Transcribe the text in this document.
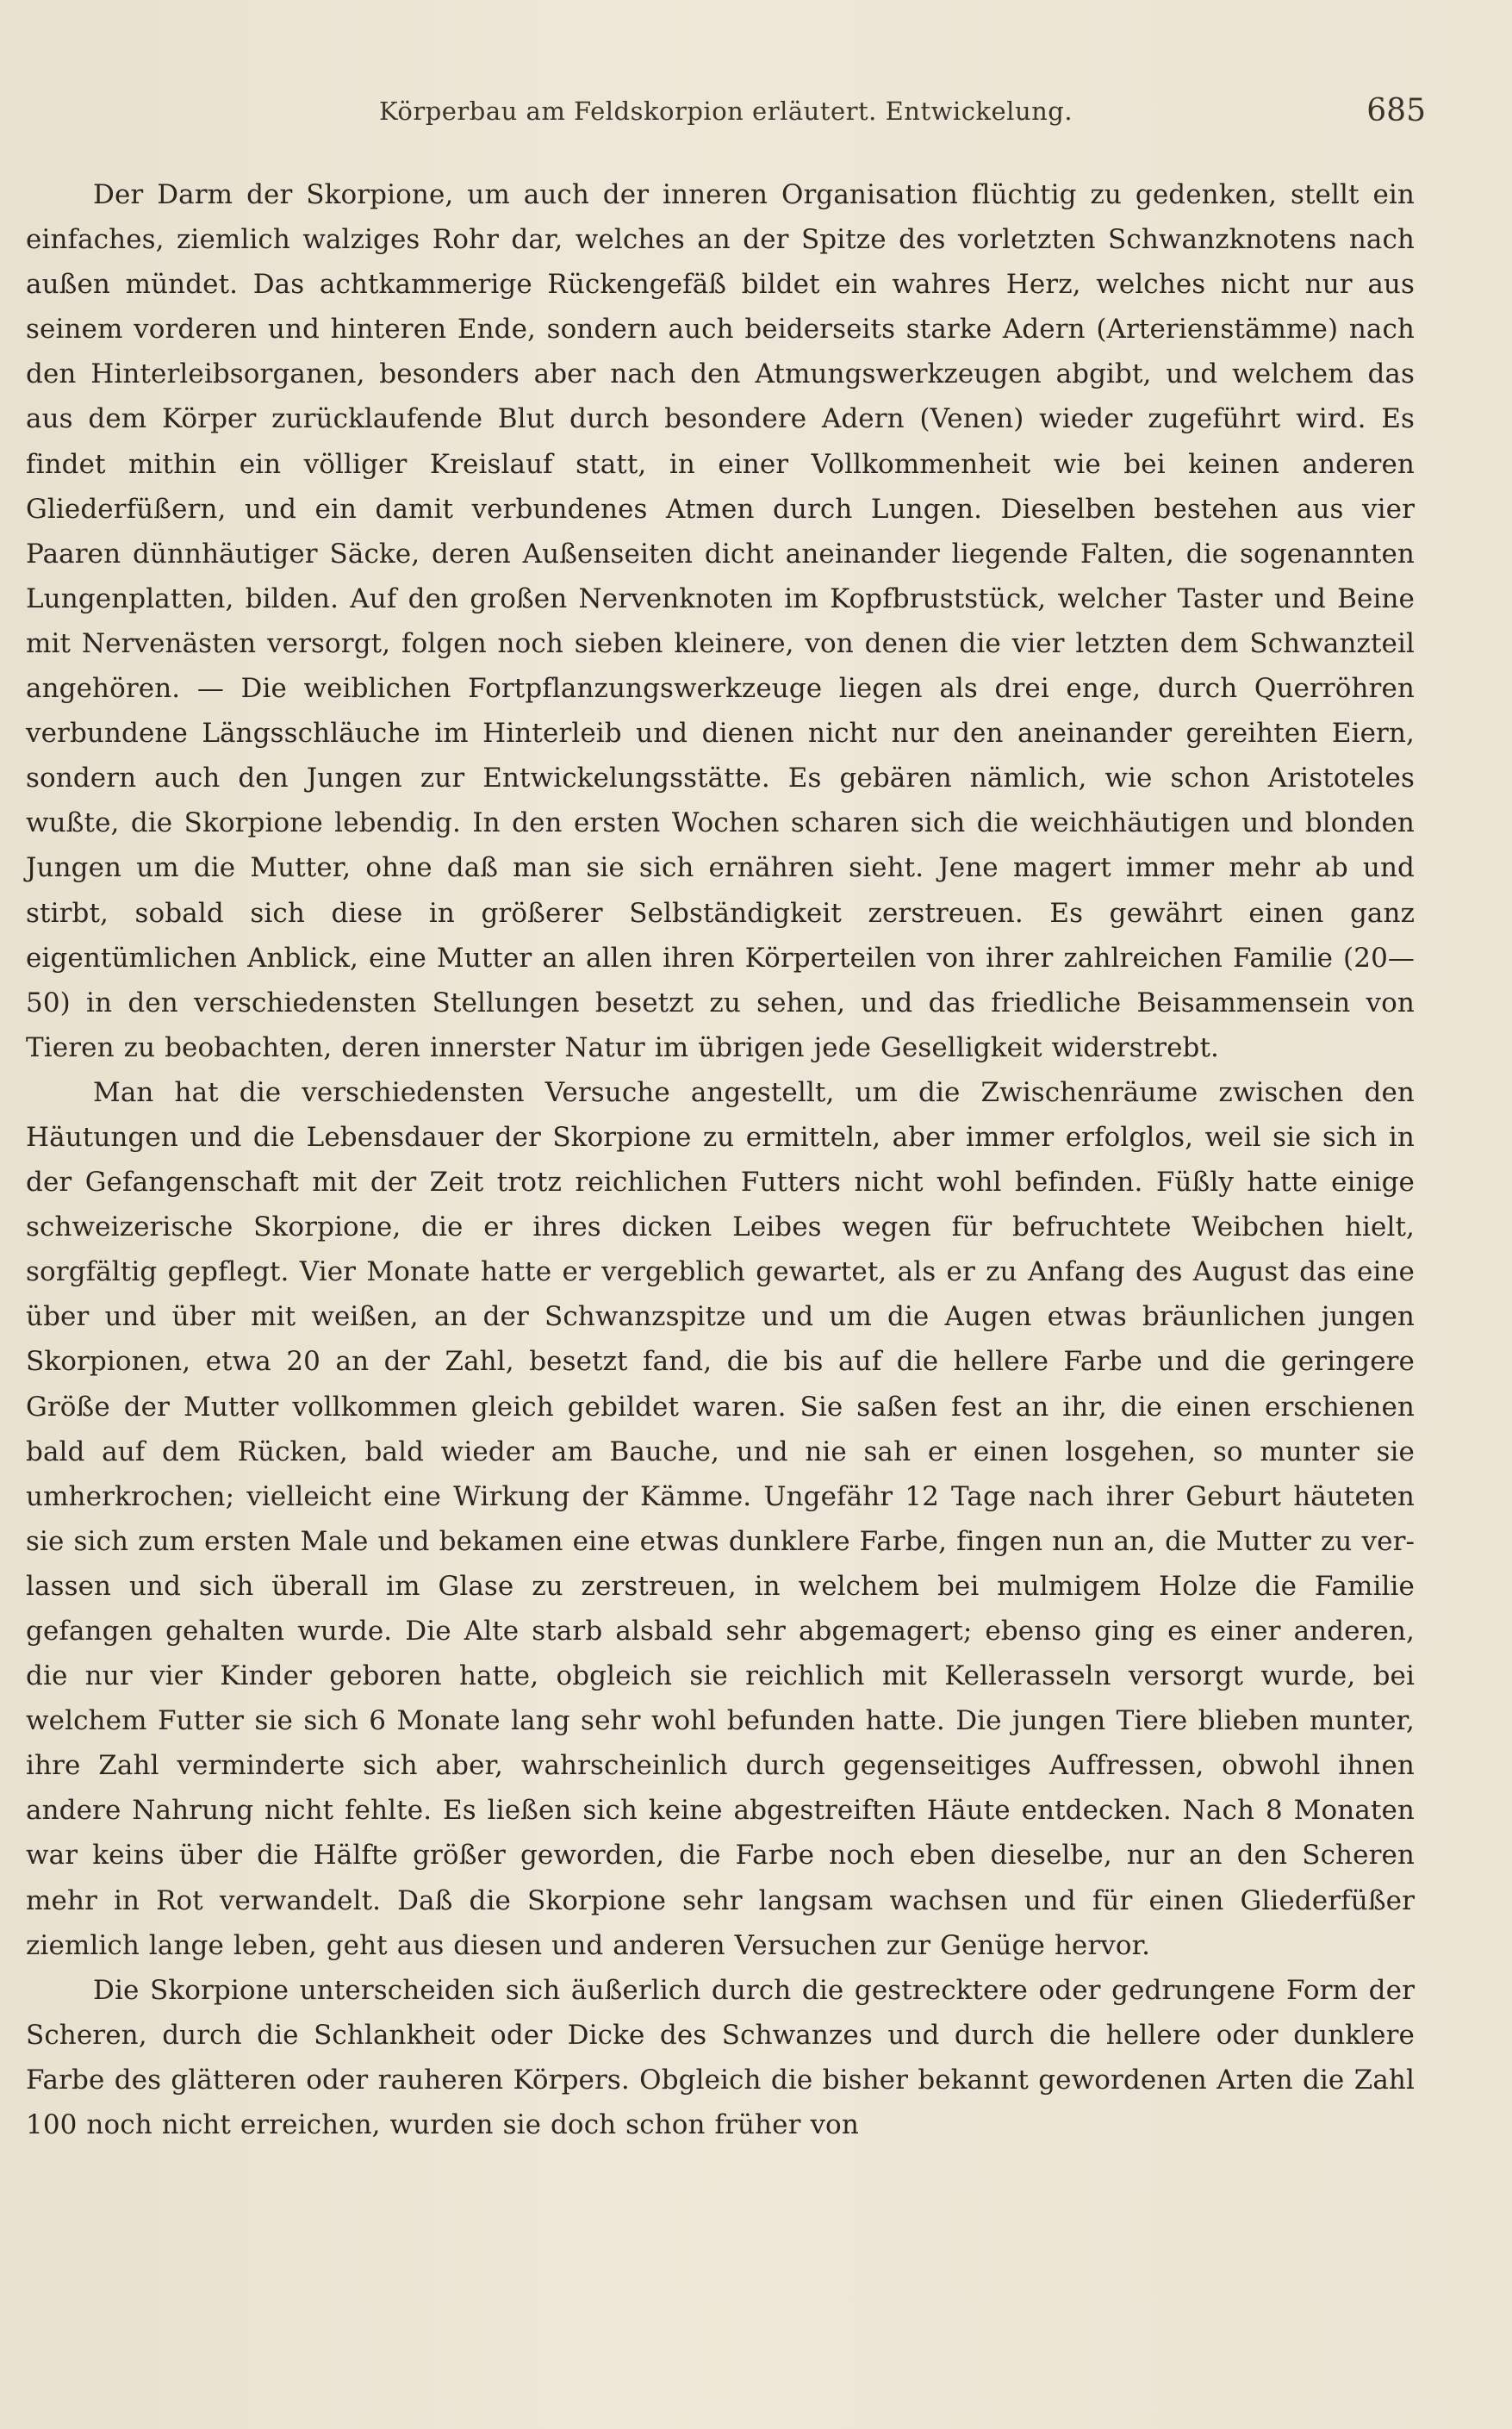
Körperbau am Feldskorpion erläutert. Entwickelung.	685

Der Darm der Skorpione, um auch der inneren Organisation flüchtig zu gedenken, stellt ein einfaches, ziemlich walziges Rohr dar, welches an der Spitze des vorletzten Schwanzknotens nach außen mündet. Das achtkammerige Rückengefäß bildet ein wahres Herz, welches nicht nur aus seinem vorderen und hinteren Ende, sondern auch beiderseits starke Adern (Arterienstämme) nach den Hinterleibsorganen, besonders aber nach den Atmungswerkzeugen abgibt, und welchem das aus dem Körper zurücklaufende Blut durch besondere Adern (Venen) wieder zugeführt wird. Es findet mithin ein völliger Kreislauf statt, in einer Vollkommenheit wie bei keinen anderen Gliederfüßern, und ein damit verbundenes Atmen durch Lungen. Dieselben bestehen aus vier Paaren dünnhäutiger Säcke, deren Außenseiten dicht aneinander liegende Falten, die sogenannten Lungenplatten, bilden. Auf den großen Nervenknoten im Kopfbruststück, welcher Taster und Beine mit Nervenästen versorgt, folgen noch sieben kleinere, von denen die vier letzten dem Schwanzteil angehören. — Die weiblichen Fortpflanzungswerkzeuge liegen als drei enge, durch Querröhren verbundene Längsschläuche im Hinterleib und dienen nicht nur den aneinander gereihten Eiern, sondern auch den Jungen zur Entwickelungsstätte. Es gebären nämlich, wie schon Aristoteles wußte, die Skorpione lebendig. In den ersten Wochen scharen sich die weichhäutigen und blonden Jungen um die Mutter, ohne daß man sie sich ernähren sieht. Jene magert immer mehr ab und stirbt, sobald sich diese in größerer Selbständigkeit zerstreuen. Es gewährt einen ganz eigentümlichen Anblick, eine Mutter an allen ihren Körperteilen von ihrer zahlreichen Familie (20—50) in den verschiedensten Stellungen besetzt zu sehen, und das friedliche Beisammensein von Tieren zu beobachten, deren innerster Natur im übrigen jede Geselligkeit widerstrebt.

Man hat die verschiedensten Versuche angestellt, um die Zwischenräume zwischen den Häutungen und die Lebensdauer der Skorpione zu ermitteln, aber immer erfolglos, weil sie sich in der Gefangenschaft mit der Zeit trotz reichlichen Futters nicht wohl befinden. Füßly hatte einige schweizerische Skorpione, die er ihres dicken Leibes wegen für befruchtete Weibchen hielt, sorgfältig gepflegt. Vier Monate hatte er vergeblich gewartet, als er zu Anfang des August das eine über und über mit weißen, an der Schwanzspitze und um die Augen etwas bräunlichen jungen Skorpionen, etwa 20 an der Zahl, besetzt fand, die bis auf die hellere Farbe und die geringere Größe der Mutter vollkommen gleich gebildet waren. Sie saßen fest an ihr, die einen erschienen bald auf dem Rücken, bald wieder am Bauche, und nie sah er einen losgehen, so munter sie umherkrochen; vielleicht eine Wirkung der Kämme. Ungefähr 12 Tage nach ihrer Geburt häuteten sie sich zum ersten Male und bekamen eine etwas dunklere Farbe, fingen nun an, die Mutter zu verlassen und sich überall im Glase zu zerstreuen, in welchem bei mulmigem Holze die Familie gefangen gehalten wurde. Die Alte starb alsbald sehr abgemagert; ebenso ging es einer anderen, die nur vier Kinder geboren hatte, obgleich sie reichlich mit Kellerasseln versorgt wurde, bei welchem Futter sie sich 6 Monate lang sehr wohl befunden hatte. Die jungen Tiere blieben munter, ihre Zahl verminderte sich aber, wahrscheinlich durch gegenseitiges Auffressen, obwohl ihnen andere Nahrung nicht fehlte. Es ließen sich keine abgestreiften Häute entdecken. Nach 8 Monaten war keins über die Hälfte größer geworden, die Farbe noch eben dieselbe, nur an den Scheren mehr in Rot verwandelt. Daß die Skorpione sehr langsam wachsen und für einen Gliederfüßer ziemlich lange leben, geht aus diesen und anderen Versuchen zur Genüge hervor.

Die Skorpione unterscheiden sich äußerlich durch die gestrecktere oder gedrungene Form der Scheren, durch die Schlankheit oder Dicke des Schwanzes und durch die hellere oder dunklere Farbe des glätteren oder rauheren Körpers. Obgleich die bisher bekannt gewordenen Arten die Zahl 100 noch nicht erreichen, wurden sie doch schon früher von
